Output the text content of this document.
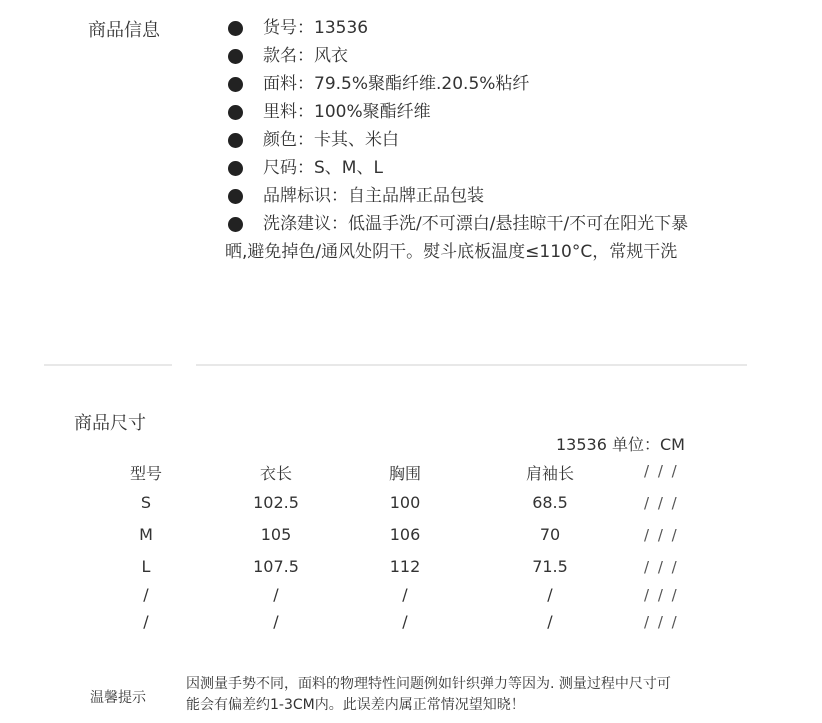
商品信息	货号：13536
款名：风衣
面料：79.5%聚酯纤维.20.5%粘纤
里料：100%聚酯纤维
颜色：卡其、米白
尺码：S、M、L
品牌标识：自主品牌正品包装
洗涤建议：低温手洗/不可漂白/悬挂晾干/不可在阳光下暴
晒,避免掉色/通风处阴干。熨斗底板温度≤110°C，常规干洗
商品尺寸
13536 单位：CM
型号	衣长	胸围	肩袖长	/ / /
S	102.5	100	68.5	/ / /
M	105	106	70	/ / /
L	107.5	112	71.5	/ / /
/	/	/	/	/ / /
/	/	/	/	/ / /
温馨提示
因测量手势不同，面料的物理特性问题例如针织弹力等因为. 测量过程中尺寸可
能会有偏差约1-3CM内。此误差内属正常情况望知晓！
